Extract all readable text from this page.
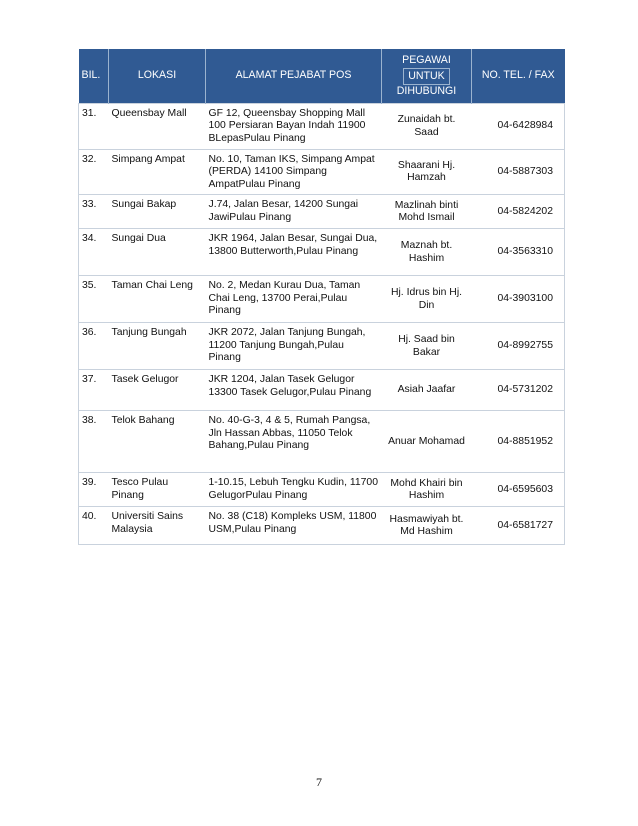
BIL.	LOKASI	ALAMAT PEJABAT POS	PEGAWAI
UNTUK
DIHUBUNGI	NO. TEL. / FAX
31.	Queensbay Mall	GF 12, Queensbay Shopping Mall 100 Persiaran Bayan Indah 11900 BLepasPulau Pinang	Zunaidah bt. Saad	04-6428984
32.	Simpang Ampat	No. 10, Taman IKS, Simpang Ampat (PERDA) 14100 Simpang AmpatPulau Pinang	Shaarani Hj. Hamzah	04-5887303
33.	Sungai Bakap	J.74, Jalan Besar, 14200 Sungai JawiPulau Pinang	Mazlinah binti Mohd Ismail	04-5824202
34.	Sungai Dua	JKR 1964, Jalan Besar, Sungai Dua, 13800 Butterworth,Pulau Pinang	Maznah bt. Hashim	04-3563310
35.	Taman Chai Leng	No. 2, Medan Kurau Dua, Taman Chai Leng, 13700 Perai,Pulau Pinang	Hj. Idrus bin Hj. Din	04-3903100
36.	Tanjung Bungah	JKR 2072, Jalan Tanjung Bungah, 11200 Tanjung Bungah,Pulau Pinang	Hj. Saad bin Bakar	04-8992755
37.	Tasek Gelugor	JKR 1204, Jalan Tasek Gelugor 13300 Tasek Gelugor,Pulau Pinang	Asiah Jaafar	04-5731202
38.	Telok Bahang	No. 40-G-3, 4 & 5, Rumah Pangsa, Jln Hassan Abbas, 11050 Telok Bahang,Pulau Pinang	Anuar Mohamad	04-8851952
39.	Tesco Pulau Pinang	1-10.15, Lebuh Tengku Kudin, 11700 GelugorPulau Pinang	Mohd Khairi bin Hashim	04-6595603
40.	Universiti Sains Malaysia	No. 38 (C18) Kompleks USM, 11800 USM,Pulau Pinang	Hasmawiyah bt. Md Hashim	04-6581727
7
